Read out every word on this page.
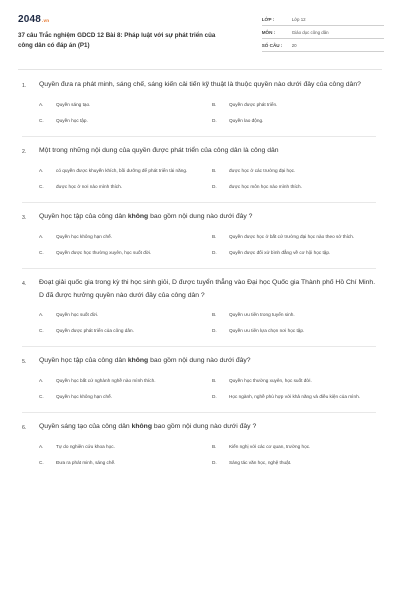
2048 .vn
37 câu Trắc nghiệm GDCD 12 Bài 8: Pháp luật với sự phát triển của công dân có đáp án (P1)
LỚP :	Lớp 12
MÔN :	Giáo dục công dân
SỐ CÂU :	20
1.	Quyền đưa ra phát minh, sáng chế, sáng kiến cải tiến kỹ thuật là thuộc quyền nào dưới đây của công dân?
A.	Quyền sáng tạo.	B.	Quyền được phát triển.
C.	Quyền học tập.	D.	Quyền lao động.
2.	Một trong những nội dung của quyền được phát triển của công dân là công dân
A.	có quyền được khuyến khích, bồi dưỡng để phát triển tài năng.	B.	được học ở các trường đại học.
C.	được học ở nơi nào mình thích.	D.	được học môn học nào mình thích.
3.	Quyền học tập của công dân không bao gồm nội dung nào dưới đây ?
A.	Quyền học không hạn chế.	B.	Quyền được học ở bất cứ trường đại học nào theo sở thích.
C.	Quyền được học thường xuyên, học suốt đời.	D.	Quyền được đối xử bình đẳng về cơ hội học tập.
4.	Đoạt giải quốc gia trong kỳ thi học sinh giỏi, D được tuyển thẳng vào Đại học Quốc gia Thành phố Hồ Chí Minh. D đã được hưởng quyền nào dưới đây của công dân ?
A.	Quyền học suốt đời.	B.	Quyền ưu tiên trong tuyển sinh.
C.	Quyền được phát triển của công dân.	D.	Quyền ưu tiên lựa chọn nơi học tập.
5.	Quyền học tập của công dân không bao gồm nội dung nào dưới đây?
A.	Quyền học bất cứ nghành nghề nào mình thích.	B.	Quyền học thường xuyên, học suốt đời.
C.	Quyền học không hạn chế.	D.	Học ngành, nghề phù hợp với khả năng và điều kiện của mình.
6.	Quyền sáng tạo của công dân không bao gồm nội dung nào dưới đây ?
A.	Tự do nghiên cứu khoa học.	B.	Kiến nghị với các cơ quan, trường học.
C.	Đưa ra phát minh, sáng chế.	D.	Sáng tác văn học, nghệ thuật.
